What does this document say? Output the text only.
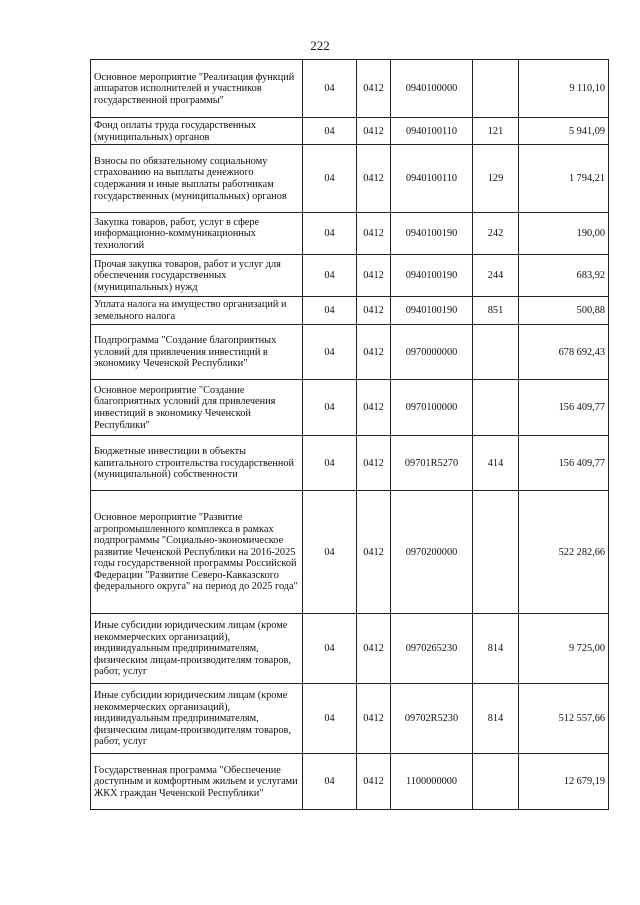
222
Основное мероприятие "Реализация функций аппаратов исполнителей и участников государственной программы"	04	0412	0940100000		9 110,10
Фонд оплаты труда государственных (муниципальных) органов	04	0412	0940100110	121	5 941,09
Взносы по обязательному социальному страхованию на выплаты денежного содержания и иные выплаты работникам государственных (муниципальных) органов	04	0412	0940100110	129	1 794,21
Закупка товаров, работ, услуг в сфере информационно-коммуникационных технологий	04	0412	0940100190	242	190,00
Прочая закупка товаров, работ и услуг для обеспечения государственных (муниципальных) нужд	04	0412	0940100190	244	683,92
Уплата налога на имущество организаций и земельного налога	04	0412	0940100190	851	500,88
Подпрограмма "Создание благоприятных условий для привлечения инвестиций в экономику Чеченской Республики"	04	0412	0970000000		678 692,43
Основное мероприятие "Создание благоприятных условий для привлечения инвестиций в экономику Чеченской Республики"	04	0412	0970100000		156 409,77
Бюджетные инвестиции в объекты капитального строительства государственной (муниципальной) собственности	04	0412	09701R5270	414	156 409,77
Основное мероприятие "Развитие агропромышленного комплекса в рамках подпрограммы "Социально-экономическое развитие Чеченской Республики на 2016-2025 годы государственной программы Российской Федерации "Развитие Северо-Кавказского федерального округа" на период до 2025 года"	04	0412	0970200000		522 282,66
Иные субсидии юридическим лицам (кроме некоммерческих организаций), индивидуальным предпринимателям, физическим лицам-производителям товаров, работ, услуг	04	0412	0970265230	814	9 725,00
Иные субсидии юридическим лицам (кроме некоммерческих организаций), индивидуальным предпринимателям, физическим лицам-производителям товаров, работ, услуг	04	0412	09702R5230	814	512 557,66
Государственная программа "Обеспечение доступным и комфортным жильем и услугами ЖКХ граждан Чеченской Республики"	04	0412	1100000000		12 679,19
